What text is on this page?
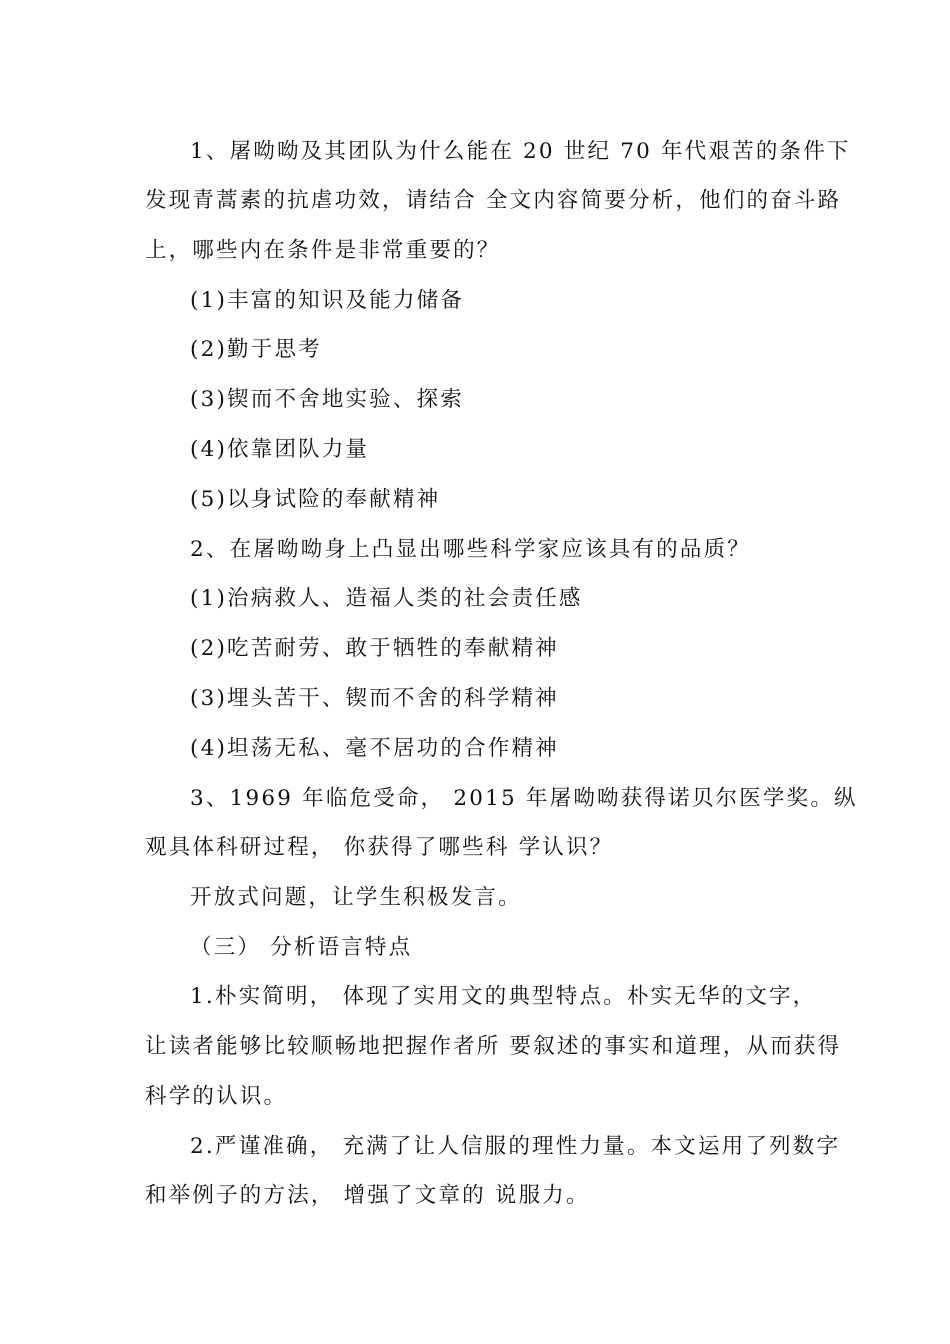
1、屠呦呦及其团队为什么能在 20 世纪 70 年代艰苦的条件下
发现青蒿素的抗虐功效，请结合 全文内容简要分析，他们的奋斗路
上，哪些内在条件是非常重要的？
(1)丰富的知识及能力储备
(2)勤于思考
(3)锲而不舍地实验、探索
(4)依靠团队力量
(5)以身试险的奉献精神
2、在屠呦呦身上凸显出哪些科学家应该具有的品质？
(1)治病救人、造福人类的社会责任感
(2)吃苦耐劳、敢于牺牲的奉献精神
(3)埋头苦干、锲而不舍的科学精神
(4)坦荡无私、毫不居功的合作精神
3、1969 年临危受命， 2015 年屠呦呦获得诺贝尔医学奖。纵
观具体科研过程， 你获得了哪些科 学认识？
开放式问题，让学生积极发言。
（三） 分析语言特点
1.朴实简明， 体现了实用文的典型特点。朴实无华的文字，
让读者能够比较顺畅地把握作者所 要叙述的事实和道理，从而获得
科学的认识。
2.严谨准确， 充满了让人信服的理性力量。本文运用了列数字
和举例子的方法， 增强了文章的 说服力。
